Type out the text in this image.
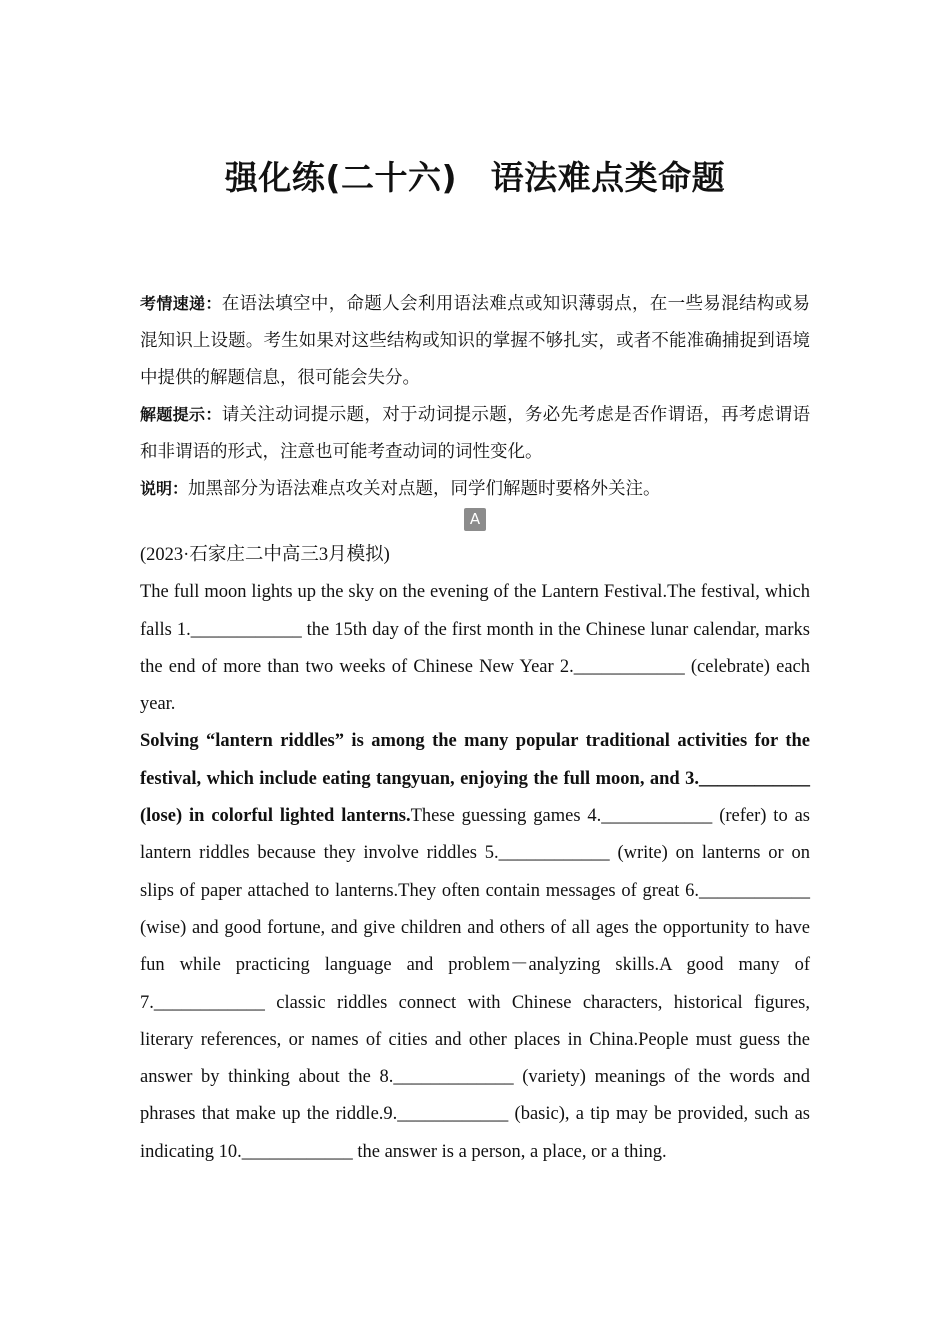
强化练(二十六)　语法难点类命题

考情速递：在语法填空中，命题人会利用语法难点或知识薄弱点，在一些易混结构或易混知识上设题。考生如果对这些结构或知识的掌握不够扎实，或者不能准确捕捉到语境中提供的解题信息，很可能会失分。

解题提示：请关注动词提示题，对于动词提示题，务必先考虑是否作谓语，再考虑谓语和非谓语的形式，注意也可能考查动词的词性变化。

说明：加黑部分为语法难点攻关对点题，同学们解题时要格外关注。

A

(2023·石家庄二中高三3月模拟)

The full moon lights up the sky on the evening of the Lantern Festival.The festival, which falls 1.____________ the 15th day of the first month in the Chinese lunar calendar, marks the end of more than two weeks of Chinese New Year 2.____________ (celebrate) each year.

Solving “lantern riddles” is among the many popular traditional activities for the festival, which include eating tangyuan, enjoying the full moon, and 3.____________ (lose) in colorful lighted lanterns.These guessing games 4.____________ (refer) to as lantern riddles because they involve riddles 5.____________ (write) on lanterns or on slips of paper attached to lanterns.They often contain messages of great 6.____________ (wise) and good fortune, and give children and others of all ages the opportunity to have fun while practicing language and problem－analyzing skills.A good many of 7.____________ classic riddles connect with Chinese characters, historical figures, literary references, or names of cities and other places in China.People must guess the answer by thinking about the 8._____________ (variety) meanings of the words and phrases that make up the riddle.9.____________ (basic), a tip may be provided, such as indicating 10.____________ the answer is a person, a place, or a thing.
